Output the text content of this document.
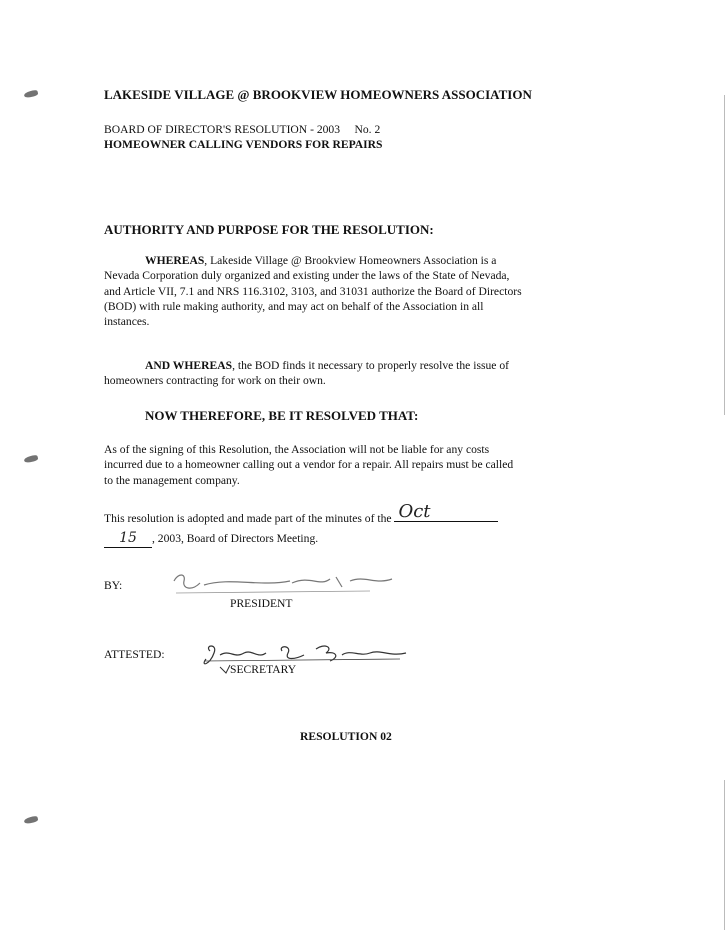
LAKESIDE VILLAGE @ BROOKVIEW HOMEOWNERS ASSOCIATION
BOARD OF DIRECTOR'S RESOLUTION - 2003     No. 2
HOMEOWNER CALLING VENDORS FOR REPAIRS
AUTHORITY AND PURPOSE FOR THE RESOLUTION:
WHEREAS, Lakeside Village @ Brookview Homeowners Association is a
Nevada Corporation duly organized and existing under the laws of the State of Nevada,
and Article VII, 7.1 and NRS 116.3102, 3103, and 31031 authorize the Board of Directors
(BOD) with rule making authority, and may act on behalf of the Association in all
instances.
AND WHEREAS, the BOD finds it necessary to properly resolve the issue of
homeowners contracting for work on their own.
NOW THEREFORE, BE IT RESOLVED THAT:
As of the signing of this Resolution, the Association will not be liable for any costs
incurred due to a homeowner calling out a vendor for a repair. All repairs must be called
to the management company.
This resolution is adopted and made part of the minutes of the Oct
15 , 2003, Board of Directors Meeting.
BY:
PRESIDENT
ATTESTED:
SECRETARY
RESOLUTION 02
